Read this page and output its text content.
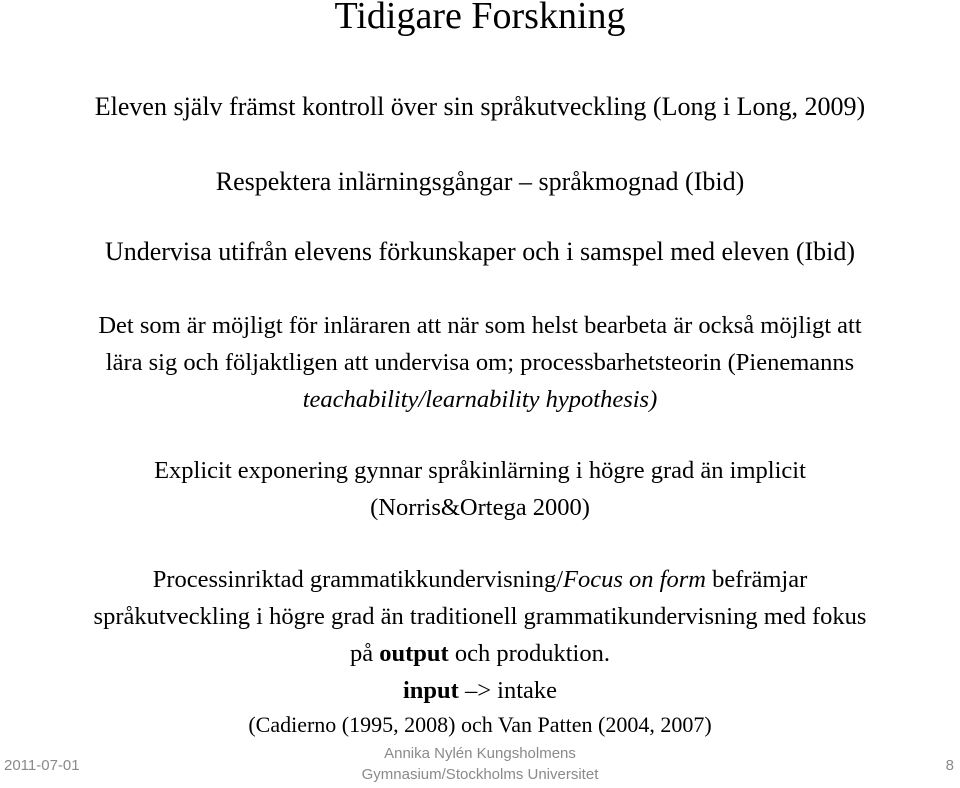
Tidigare Forskning
Eleven själv främst kontroll över sin språkutveckling (Long i Long, 2009)
Respektera inlärningsgångar – språkmognad (Ibid)
Undervisa utifrån elevens förkunskaper och i samspel med eleven (Ibid)
Det som är möjligt för inläraren att när som helst bearbeta är också möjligt att
lära sig och följaktligen att undervisa om; processbarhetsteorin (Pienemanns
teachability/learnability hypothesis)
Explicit exponering gynnar språkinlärning i högre grad än implicit
(Norris&Ortega 2000)
Processinriktad grammatikkundervisning/Focus on form befrämjar
språkutveckling i högre grad än traditionell grammatikundervisning med fokus
på output och produktion.
input –> intake
(Cadierno (1995, 2008) och Van Patten (2004, 2007)
2011-07-01
Annika Nylén Kungsholmens
Gymnasium/Stockholms Universitet
8
